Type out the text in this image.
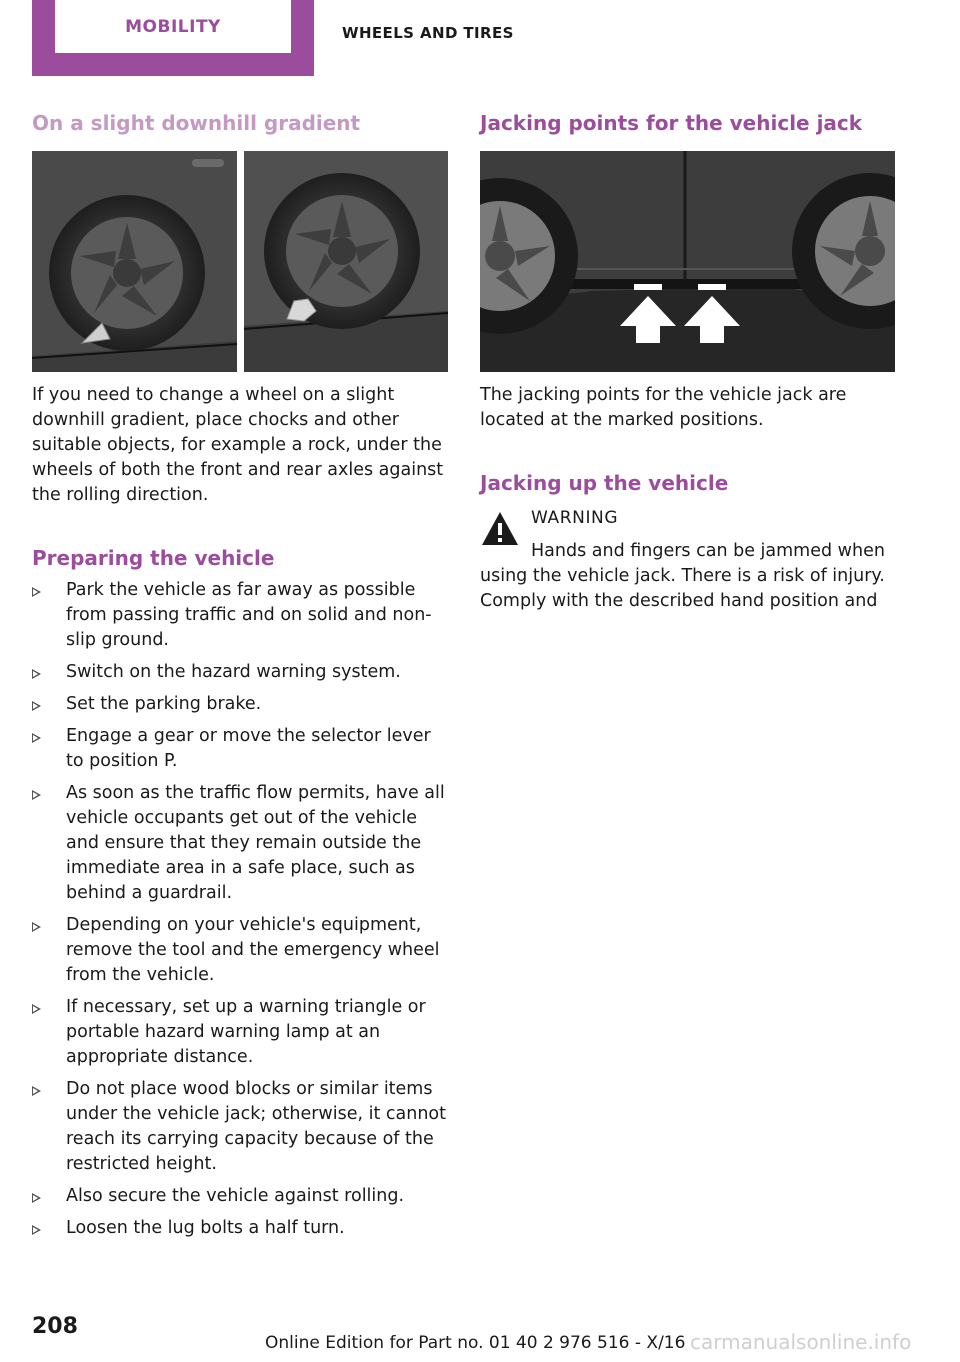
MOBILITY	WHEELS AND TIRES
On a slight downhill gradient

If you need to change a wheel on a slight downhill gradient, place chocks and other suitable objects, for example a rock, under the wheels of both the front and rear axles against the rolling direction.

Preparing the vehicle
Park the vehicle as far away as possible from passing traffic and on solid and non-slip ground.
Switch on the hazard warning system.
Set the parking brake.
Engage a gear or move the selector lever to position P.
As soon as the traffic flow permits, have all vehicle occupants get out of the vehicle and ensure that they remain outside the immediate area in a safe place, such as behind a guardrail.
Depending on your vehicle's equipment, remove the tool and the emergency wheel from the vehicle.
If necessary, set up a warning triangle or portable hazard warning lamp at an appropriate distance.
Do not place wood blocks or similar items under the vehicle jack; otherwise, it cannot reach its carrying capacity because of the restricted height.
Also secure the vehicle against rolling.
Loosen the lug bolts a half turn.
Jacking points for the vehicle jack

The jacking points for the vehicle jack are located at the marked positions.

Jacking up the vehicle
WARNING

Hands and fingers can be jammed when using the vehicle jack. There is a risk of injury. Comply with the described hand position and

208
Online Edition for Part no. 01 40 2 976 516 - X/16 carmanualsonline.info
